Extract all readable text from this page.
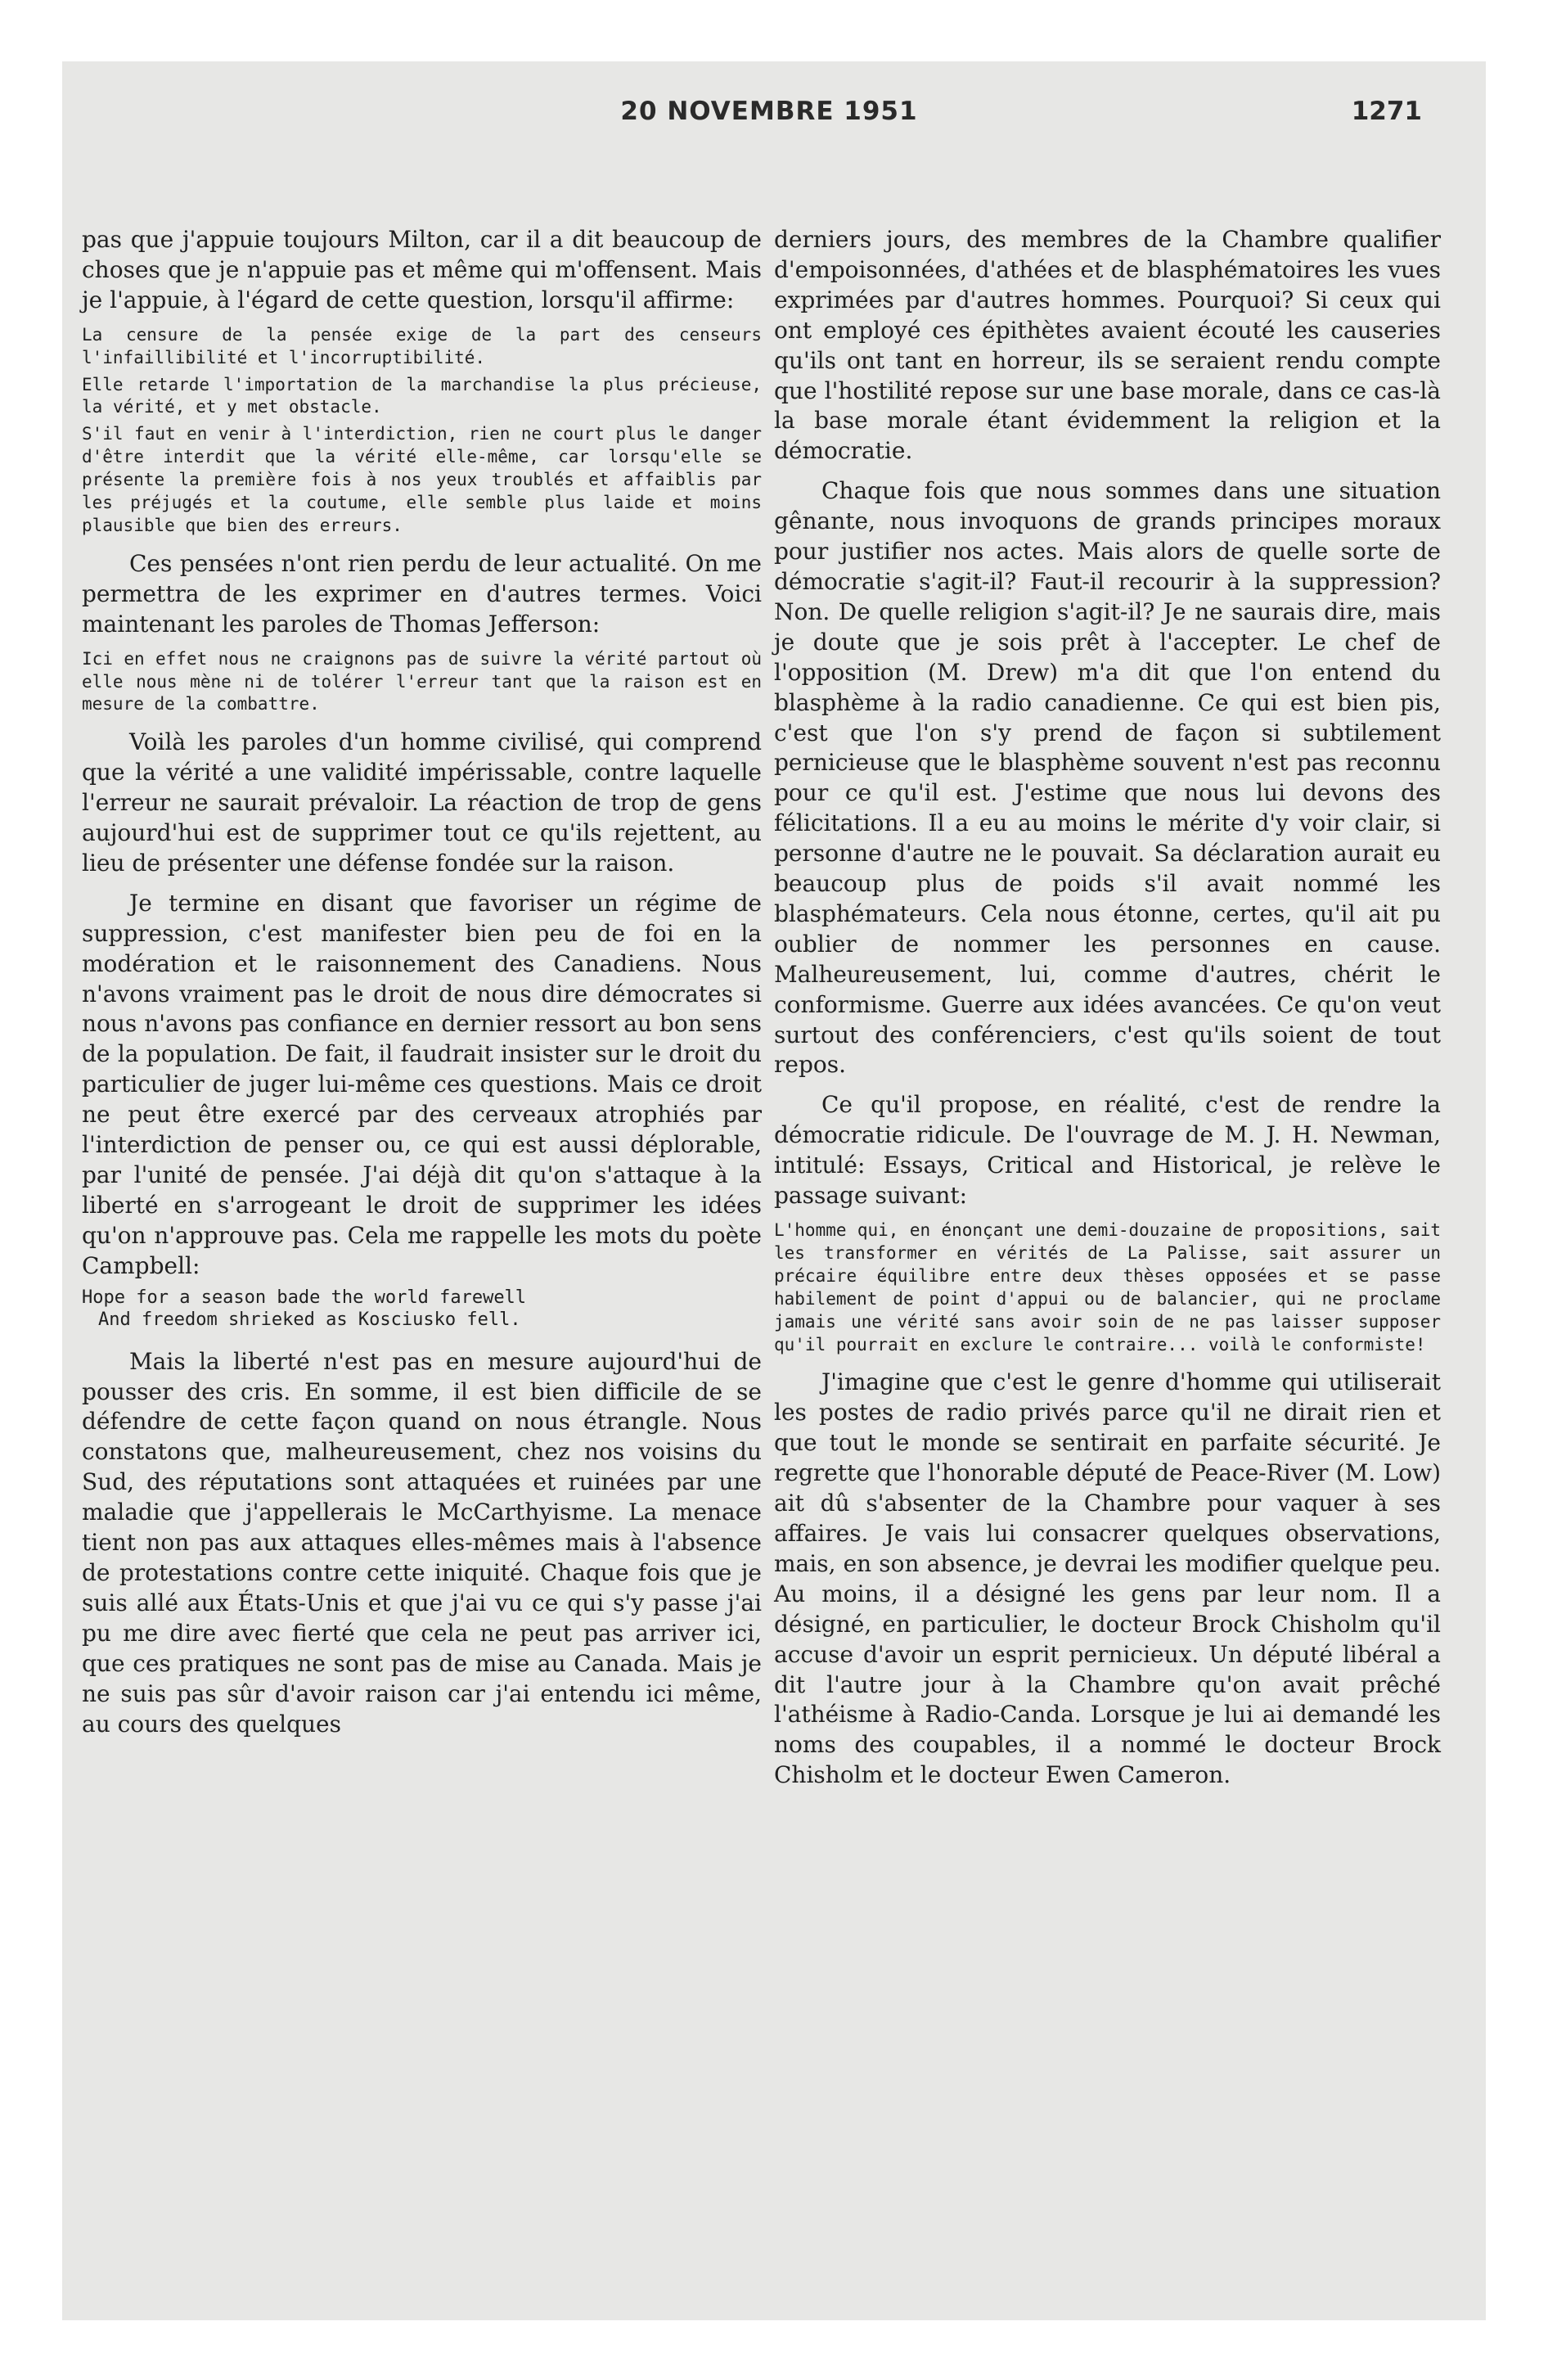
20 NOVEMBRE 1951	1271

pas que j'appuie toujours Milton, car il a dit beaucoup de choses que je n'appuie pas et même qui m'offensent. Mais je l'appuie, à l'égard de cette question, lorsqu'il affirme:

La censure de la pensée exige de la part des censeurs l'infaillibilité et l'incorruptibilité.

Elle retarde l'importation de la marchandise la plus précieuse, la vérité, et y met obstacle.

S'il faut en venir à l'interdiction, rien ne court plus le danger d'être interdit que la vérité elle-même, car lorsqu'elle se présente la première fois à nos yeux troublés et affaiblis par les préjugés et la coutume, elle semble plus laide et moins plausible que bien des erreurs.

Ces pensées n'ont rien perdu de leur actualité. On me permettra de les exprimer en d'autres termes. Voici maintenant les paroles de Thomas Jefferson:

Ici en effet nous ne craignons pas de suivre la vérité partout où elle nous mène ni de tolérer l'erreur tant que la raison est en mesure de la combattre.

Voilà les paroles d'un homme civilisé, qui comprend que la vérité a une validité impérissable, contre laquelle l'erreur ne saurait prévaloir. La réaction de trop de gens aujourd'hui est de supprimer tout ce qu'ils rejettent, au lieu de présenter une défense fondée sur la raison.

Je termine en disant que favoriser un régime de suppression, c'est manifester bien peu de foi en la modération et le raisonnement des Canadiens. Nous n'avons vraiment pas le droit de nous dire démocrates si nous n'avons pas confiance en dernier ressort au bon sens de la population. De fait, il faudrait insister sur le droit du particulier de juger lui-même ces questions. Mais ce droit ne peut être exercé par des cerveaux atrophiés par l'interdiction de penser ou, ce qui est aussi déplorable, par l'unité de pensée. J'ai déjà dit qu'on s'attaque à la liberté en s'arrogeant le droit de supprimer les idées qu'on n'approuve pas. Cela me rappelle les mots du poète Campbell:

Hope for a season bade the world farewell
And freedom shrieked as Kosciusko fell.

Mais la liberté n'est pas en mesure aujourd'hui de pousser des cris. En somme, il est bien difficile de se défendre de cette façon quand on nous étrangle. Nous constatons que, malheureusement, chez nos voisins du Sud, des réputations sont attaquées et ruinées par une maladie que j'appellerais le McCarthyisme. La menace tient non pas aux attaques elles-mêmes mais à l'absence de protestations contre cette iniquité. Chaque fois que je suis allé aux États-Unis et que j'ai vu ce qui s'y passe j'ai pu me dire avec fierté que cela ne peut pas arriver ici, que ces pratiques ne sont pas de mise au Canada. Mais je ne suis pas sûr d'avoir raison car j'ai entendu ici même, au cours des quelques

derniers jours, des membres de la Chambre qualifier d'empoisonnées, d'athées et de blasphématoires les vues exprimées par d'autres hommes. Pourquoi? Si ceux qui ont employé ces épithètes avaient écouté les causeries qu'ils ont tant en horreur, ils se seraient rendu compte que l'hostilité repose sur une base morale, dans ce cas-là la base morale étant évidemment la religion et la démocratie.

Chaque fois que nous sommes dans une situation gênante, nous invoquons de grands principes moraux pour justifier nos actes. Mais alors de quelle sorte de démocratie s'agit-il? Faut-il recourir à la suppression? Non. De quelle religion s'agit-il? Je ne saurais dire, mais je doute que je sois prêt à l'accepter. Le chef de l'opposition (M. Drew) m'a dit que l'on entend du blasphème à la radio canadienne. Ce qui est bien pis, c'est que l'on s'y prend de façon si subtilement pernicieuse que le blasphème souvent n'est pas reconnu pour ce qu'il est. J'estime que nous lui devons des félicitations. Il a eu au moins le mérite d'y voir clair, si personne d'autre ne le pouvait. Sa déclaration aurait eu beaucoup plus de poids s'il avait nommé les blasphémateurs. Cela nous étonne, certes, qu'il ait pu oublier de nommer les personnes en cause. Malheureusement, lui, comme d'autres, chérit le conformisme. Guerre aux idées avancées. Ce qu'on veut surtout des conférenciers, c'est qu'ils soient de tout repos.

Ce qu'il propose, en réalité, c'est de rendre la démocratie ridicule. De l'ouvrage de M. J. H. Newman, intitulé: Essays, Critical and Historical, je relève le passage suivant:

L'homme qui, en énonçant une demi-douzaine de propositions, sait les transformer en vérités de La Palisse, sait assurer un précaire équilibre entre deux thèses opposées et se passe habilement de point d'appui ou de balancier, qui ne proclame jamais une vérité sans avoir soin de ne pas laisser supposer qu'il pourrait en exclure le contraire... voilà le conformiste!

J'imagine que c'est le genre d'homme qui utiliserait les postes de radio privés parce qu'il ne dirait rien et que tout le monde se sentirait en parfaite sécurité. Je regrette que l'honorable député de Peace-River (M. Low) ait dû s'absenter de la Chambre pour vaquer à ses affaires. Je vais lui consacrer quelques observations, mais, en son absence, je devrai les modifier quelque peu. Au moins, il a désigné les gens par leur nom. Il a désigné, en particulier, le docteur Brock Chisholm qu'il accuse d'avoir un esprit pernicieux. Un député libéral a dit l'autre jour à la Chambre qu'on avait prêché l'athéisme à Radio-Canda. Lorsque je lui ai demandé les noms des coupables, il a nommé le docteur Brock Chisholm et le docteur Ewen Cameron.
